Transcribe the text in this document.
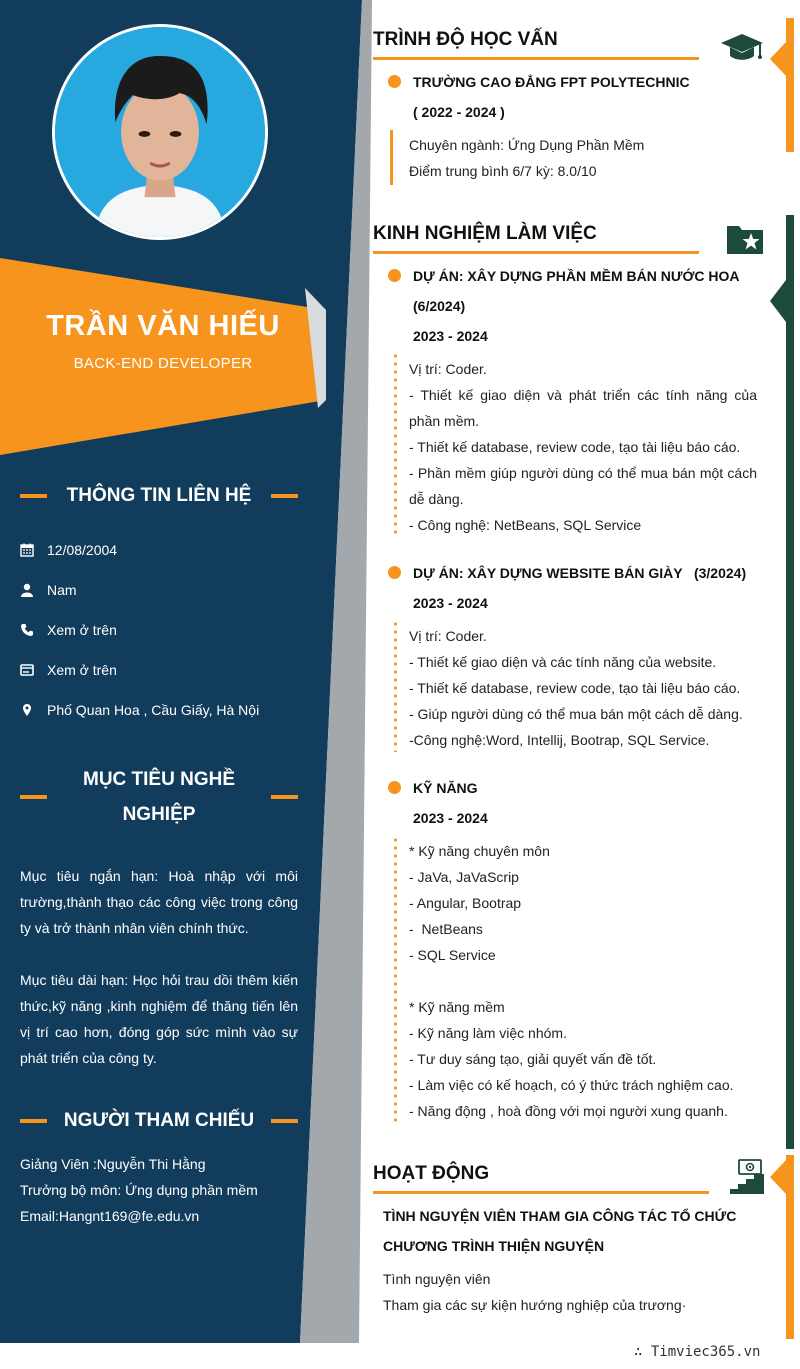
TRẦN VĂN HIẾU
BACK-END DEVELOPER
THÔNG TIN LIÊN HỆ
12/08/2004
Nam
Xem ở trên
Xem ở trên
Phố Quan Hoa , Cầu Giấy, Hà Nội
MỤC TIÊU NGHỀ
NGHIỆP
Mục tiêu ngắn hạn: Hoà nhập với môi trường,thành thạo các công việc trong công ty và trở thành nhân viên chính thức.
Mục tiêu dài hạn: Học hỏi trau dồi thêm kiến thức,kỹ năng ,kinh nghiệm để thăng tiến lên vị trí cao hơn, đóng góp sức mình vào sự phát triển của công ty.
NGƯỜI THAM CHIẾU
Giảng Viên :Nguyễn Thi Hằng
Trưởng bộ môn: Ứng dụng phần mềm
Email:Hangnt169@fe.edu.vn
TRÌNH ĐỘ HỌC VẤN
TRƯỜNG CAO ĐẲNG FPT POLYTECHNIC
( 2022 - 2024 )
Chuyên ngành: Ứng Dụng Phần Mềm
Điểm trung bình 6/7 kỳ: 8.0/10
KINH NGHIỆM LÀM VIỆC
DỰ ÁN: XÂY DỰNG PHẦN MỀM BÁN NƯỚC HOA
(6/2024)
2023 - 2024
Vị trí: Coder.
- Thiết kế giao diện và phát triển các tính năng của
phần mềm.
- Thiết kế database, review code, tạo tài liệu báo cáo.
- Phần mềm giúp người dùng có thể mua bán một cách
dễ dàng.
- Công nghệ: NetBeans, SQL Service
DỰ ÁN: XÂY DỰNG WEBSITE BÁN GIÀY   (3/2024)
2023 - 2024
Vị trí: Coder.
- Thiết kế giao diện và các tính năng của website.
- Thiết kế database, review code, tạo tài liệu báo cáo.
- Giúp người dùng có thể mua bán một cách dễ dàng.
-Công nghệ:Word, Intellij, Bootrap, SQL Service.
KỸ NĂNG
2023 - 2024
* Kỹ năng chuyên môn
- JaVa, JaVaScrip
- Angular, Bootrap
-  NetBeans
- SQL Service
* Kỹ năng mềm
- Kỹ năng làm việc nhóm.
- Tư duy sáng tạo, giải quyết vấn đề tốt.
- Làm việc có kế hoạch, có ý thức trách nghiệm cao.
- Năng động , hoà đồng với mọi người xung quanh.
HOẠT ĐỘNG
TÌNH NGUYỆN VIÊN THAM GIA CÔNG TÁC TỔ CHỨC CHƯƠNG TRÌNH THIỆN NGUYỆN
Tình nguyện viên
Tham gia các sự kiện hướng nghiệp của trương·
∴ Timviec365.vn
